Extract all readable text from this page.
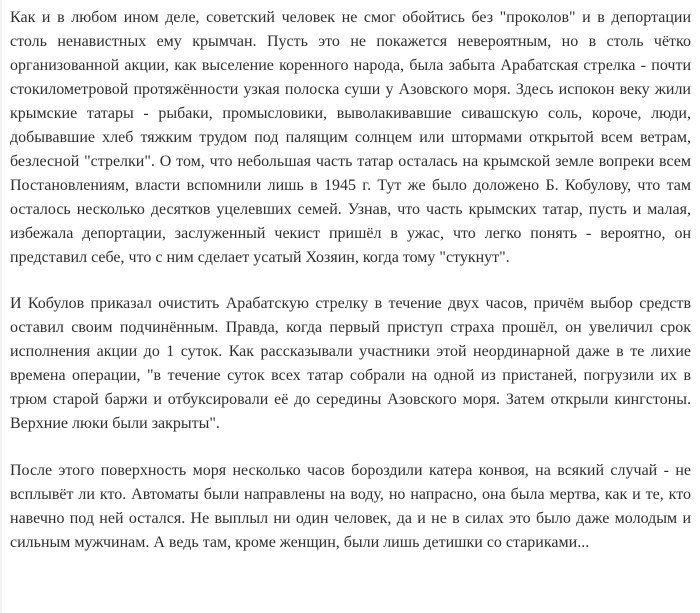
Как и в любом ином деле, советский человек не смог обойтись без "проколов" и в депортации столь ненавистных ему крымчан. Пусть это не покажется невероятным, но в столь чётко организованной акции, как выселение коренного народа, была забыта Арабатская стрелка - почти стокилометровой протяжённости узкая полоска суши у Азовского моря. Здесь испокон веку жили крымские татары - рыбаки, промысловики, выволакивавшие сивашскую соль, короче, люди, добывавшие хлеб тяжким трудом под палящим солнцем или штормами открытой всем ветрам, безлесной "стрелки". О том, что небольшая часть татар осталась на крымской земле вопреки всем Постановлениям, власти вспомнили лишь в 1945 г. Тут же было доложено Б. Кобулову, что там осталось несколько десятков уцелевших семей. Узнав, что часть крымских татар, пусть и малая, избежала депортации, заслуженный чекист пришёл в ужас, что легко понять - вероятно, он представил себе, что с ним сделает усатый Хозяин, когда тому "стукнут".

И Кобулов приказал очистить Арабатскую стрелку в течение двух часов, причём выбор средств оставил своим подчинённым. Правда, когда первый приступ страха прошёл, он увеличил срок исполнения акции до 1 суток. Как рассказывали участники этой неординарной даже в те лихие времена операции, "в течение суток всех татар собрали на одной из пристаней, погрузили их в трюм старой баржи и отбуксировали её до середины Азовского моря. Затем открыли кингстоны. Верхние люки были закрыты".

После этого поверхность моря несколько часов бороздили катера конвоя, на всякий случай - не всплывёт ли кто. Автоматы были направлены на воду, но напрасно, она была мертва, как и те, кто навечно под ней остался. Не выплыл ни один человек, да и не в силах это было даже молодым и сильным мужчинам. А ведь там, кроме женщин, были лишь детишки со стариками...
